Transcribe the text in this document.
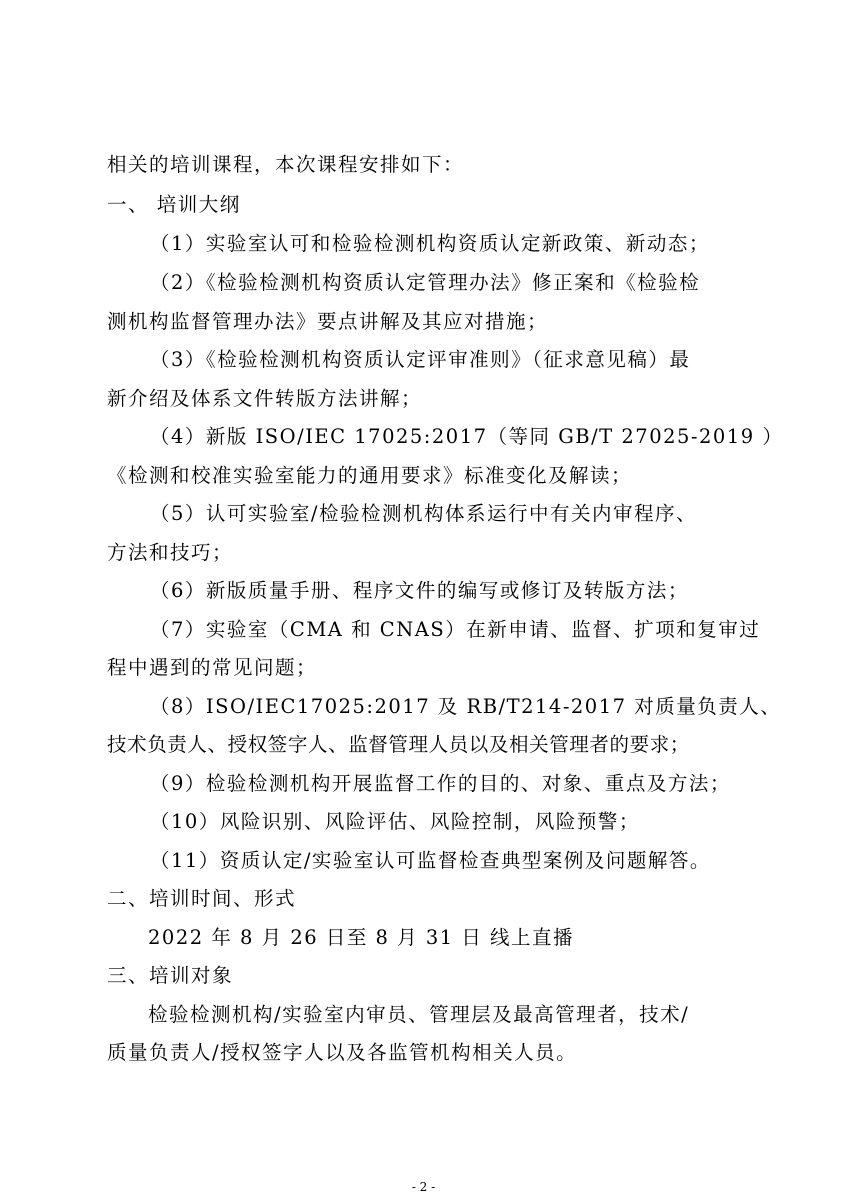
相关的培训课程，本次课程安排如下：
一、 培训大纲
（1）实验室认可和检验检测机构资质认定新政策、新动态；
（2）《检验检测机构资质认定管理办法》修正案和《检验检
测机构监督管理办法》要点讲解及其应对措施；
（3）《检验检测机构资质认定评审准则》（征求意见稿）最
新介绍及体系文件转版方法讲解；
（4）新版 ISO/IEC 17025:2017（等同 GB/T 27025-2019 ）
《检测和校准实验室能力的通用要求》标准变化及解读；
（5）认可实验室/检验检测机构体系运行中有关内审程序、
方法和技巧；
（6）新版质量手册、程序文件的编写或修订及转版方法；
（7）实验室（CMA 和 CNAS）在新申请、监督、扩项和复审过
程中遇到的常见问题；
（8）ISO/IEC17025:2017 及 RB/T214-2017 对质量负责人、
技术负责人、授权签字人、监督管理人员以及相关管理者的要求；
（9）检验检测机构开展监督工作的目的、对象、重点及方法；
（10）风险识别、风险评估、风险控制，风险预警；
（11）资质认定/实验室认可监督检查典型案例及问题解答。
二、培训时间、形式
2022 年 8 月 26 日至 8 月 31 日 线上直播
三、培训对象
检验检测机构/实验室内审员、管理层及最高管理者，技术/
质量负责人/授权签字人以及各监管机构相关人员。
- 2 -
